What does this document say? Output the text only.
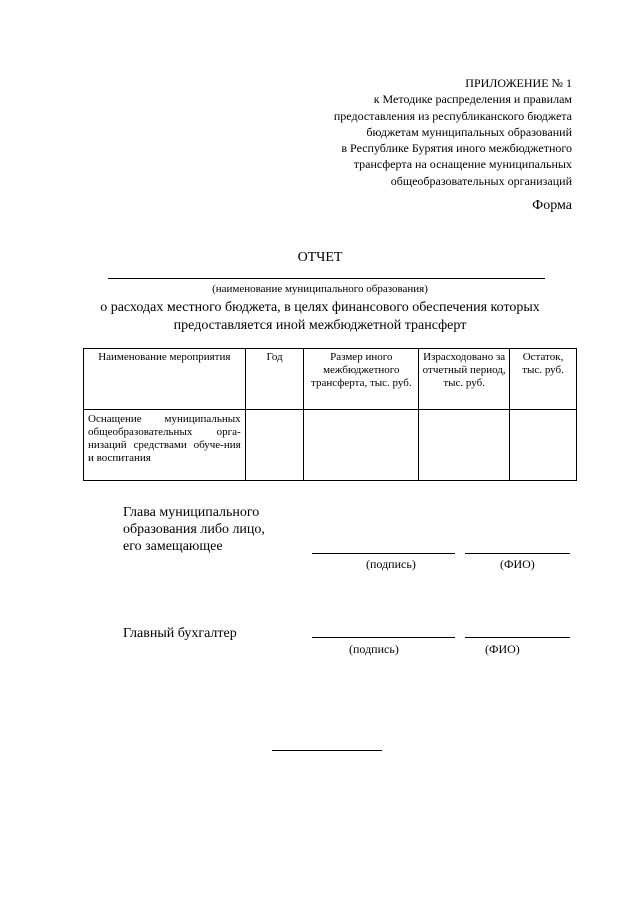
ПРИЛОЖЕНИЕ № 1
к Методике распределения и правилам
предоставления из республиканского бюджета
бюджетам муниципальных образований
в Республике Бурятия иного межбюджетного
трансферта на оснащение муниципальных
общеобразовательных организаций
Форма
ОТЧЕТ
(наименование муниципального образования)
о расходах местного бюджета, в целях финансового обеспечения которых
предоставляется иной межбюджетной трансферт
Наименование мероприятия	Год	Размер иного межбюджетного трансферта, тыс. руб.	Израсходовано за отчетный период, тыс. руб.	Остаток, тыс. руб.
Оснащение муниципальных общеобразовательных орга-низаций средствами обуче-ния и воспитания				
Глава муниципального
образования либо лицо,
его замещающее
(подпись)	(ФИО)
Главный бухгалтер
(подпись)	(ФИО)
